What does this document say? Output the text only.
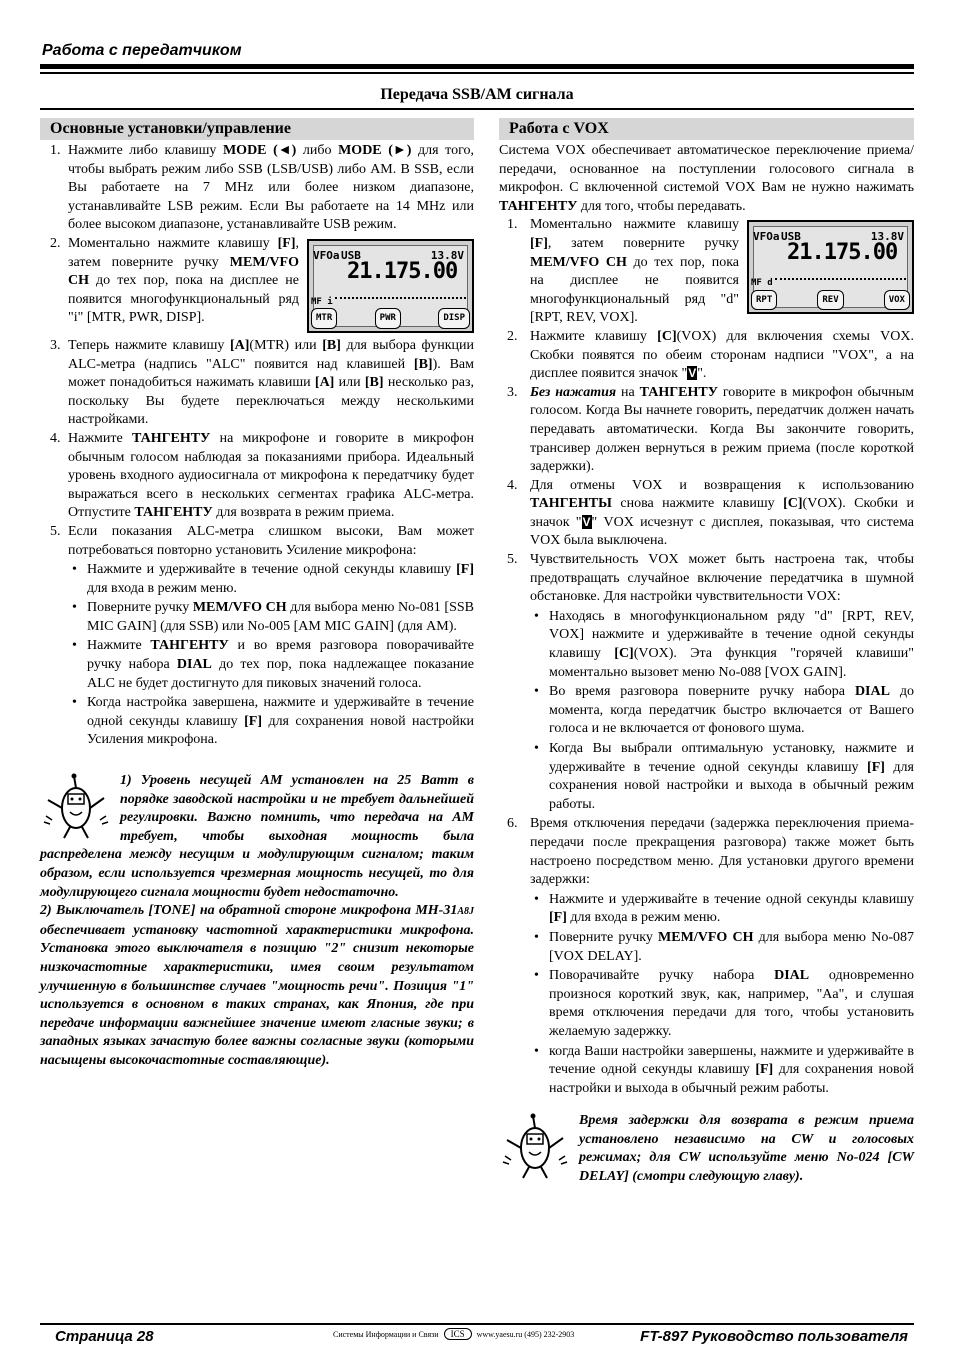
Работа с передатчиком
Передача SSB/AM сигнала
Основные установки/управление
1. Нажмите либо клавишу MODE (◄) либо MODE (►) для того, чтобы выбрать режим либо SSB (LSB/USB) либо AM. В SSB, если Вы работаете на 7 MHz или более низком диапазоне, устанавливайте LSB режим. Если Вы работаете на 14 MHz или более высоком диапазоне, устанавливайте USB режим.
2.
VFOa USB	13.8V
21.175.00
MF i
MTR	PWR	DISP
Моментально нажмите клавишу [F], затем поверните ручку MEM/VFO CH до тех пор, пока на дисплее не появится многофункциональный ряд "i" [MTR, PWR, DISP].
3. Теперь нажмите клавишу [A](MTR) или [B] для выбора функции ALC-метра (надпись "ALC" появится над клавишей [B]). Вам может понадобиться нажимать клавиши [A] или [B] несколько раз, поскольку Вы будете переключаться между несколькими настройками.
4. Нажмите ТАНГЕНТУ на микрофоне и говорите в микрофон обычным голосом наблюдая за показаниями прибора. Идеальный уровень входного аудиосигнала от микрофона к передатчику будет выражаться всего в нескольких сегментах графика ALC-метра. Отпустите ТАНГЕНТУ для возврата в режим приема.
5. Если показания ALC-метра слишком высоки, Вам может потребоваться повторно установить Усиление микрофона:
• Нажмите и удерживайте в течение одной секунды клавишу [F] для входа в режим меню.
• Поверните ручку MEM/VFO CH для выбора меню No-081 [SSB MIC GAIN] (для SSB) или No-005 [AM MIC GAIN] (для AM).
• Нажмите ТАНГЕНТУ и во время разговора поворачивайте ручку набора DIAL до тех пор, пока надлежащее показание ALC не будет достигнуто для пиковых значений голоса.
• Когда настройка завершена, нажмите и удерживайте в течение одной секунды клавишу [F] для сохранения новой настройки Усиления микрофона.
1) Уровень несущей AM установлен на 25 Ватт в порядке заводской настройки и не требует дальнейшей регулировки. Важно помнить, что передача на AM требует, чтобы выходная мощность была распределена между несущим и модулирующим сигналом; таким образом, если используется чрезмерная мощность несущей, то для модулирующего сигнала мощности будет недостаточно.
2) Выключатель [TONE] на обратной стороне микрофона MH-31A8J обеспечивает установку частотной характеристики микрофона. Установка этого выключателя в позицию "2" снизит некоторые низкочастотные характеристики, имея своим результатом улучшенную в большинстве случаев "мощность речи". Позиция "1" используется в основном в таких странах, как Япония, где при передаче информации важнейшее значение имеют гласные звуки; в западных языках зачастую более важны согласные звуки (которыми насыщены высокочастотные составляющие).
Работа с VOX
Система VOX обеспечивает автоматическое переключение приема/передачи, основанное на поступлении голосового сигнала в микрофон. С включенной системой VOX Вам не нужно нажимать ТАНГЕНТУ для того, чтобы передавать.
1.
VFOa USB	13.8V
21.175.00
MF d
RPT	REV	VOX
Моментально нажмите клавишу [F], затем поверните ручку MEM/VFO CH до тех пор, пока на дисплее не появится многофункциональный ряд "d" [RPT, REV, VOX].
2. Нажмите клавишу [C](VOX) для включения схемы VOX. Скобки появятся по обеим сторонам надписи "VOX", а на дисплее появится значок "V".
3. Без нажатия на ТАНГЕНТУ говорите в микрофон обычным голосом. Когда Вы начнете говорить, передатчик должен начать передавать автоматически. Когда Вы закончите говорить, трансивер должен вернуться в режим приема (после короткой задержки).
4. Для отмены VOX и возвращения к использованию ТАНГЕНТЫ снова нажмите клавишу [C](VOX). Скобки и значок "V" VOX исчезнут с дисплея, показывая, что система VOX была выключена.
5. Чувствительность VOX может быть настроена так, чтобы предотвращать случайное включение передатчика в шумной обстановке. Для настройки чувствительности VOX:
• Находясь в многофункциональном ряду "d" [RPT, REV, VOX] нажмите и удерживайте в течение одной секунды клавишу [C](VOX). Эта функция "горячей клавиши" моментально вызовет меню No-088 [VOX GAIN].
• Во время разговора поверните ручку набора DIAL до момента, когда передатчик быстро включается от Вашего голоса и не включается от фонового шума.
• Когда Вы выбрали оптимальную установку, нажмите и удерживайте в течение одной секунды клавишу [F] для сохранения новой настройки и выхода в обычный режим работы.
6. Время отключения передачи (задержка переключения приема-передачи после прекращения разговора) также может быть настроено посредством меню. Для установки другого времени задержки:
• Нажмите и удерживайте в течение одной секунды клавишу [F] для входа в режим меню.
• Поверните ручку MEM/VFO CH для выбора меню No-087 [VOX DELAY].
• Поворачивайте ручку набора DIAL одновременно произнося короткий звук, как, например, "Aa", и слушая время отключения передачи для того, чтобы установить желаемую задержку.
• когда Ваши настройки завершены, нажмите и удерживайте в течение одной секунды клавишу [F] для сохранения новой настройки и выхода в обычный режим работы.
Время задержки для возврата в режим приема установлено независимо на CW и голосовых режимах; для CW используйте меню No-024 [CW DELAY] (смотри следующую главу).
Страница 28	Системы Информации и Связи	ICS	www.yaesu.ru (495) 232-2903	FT-897 Руководство пользователя
